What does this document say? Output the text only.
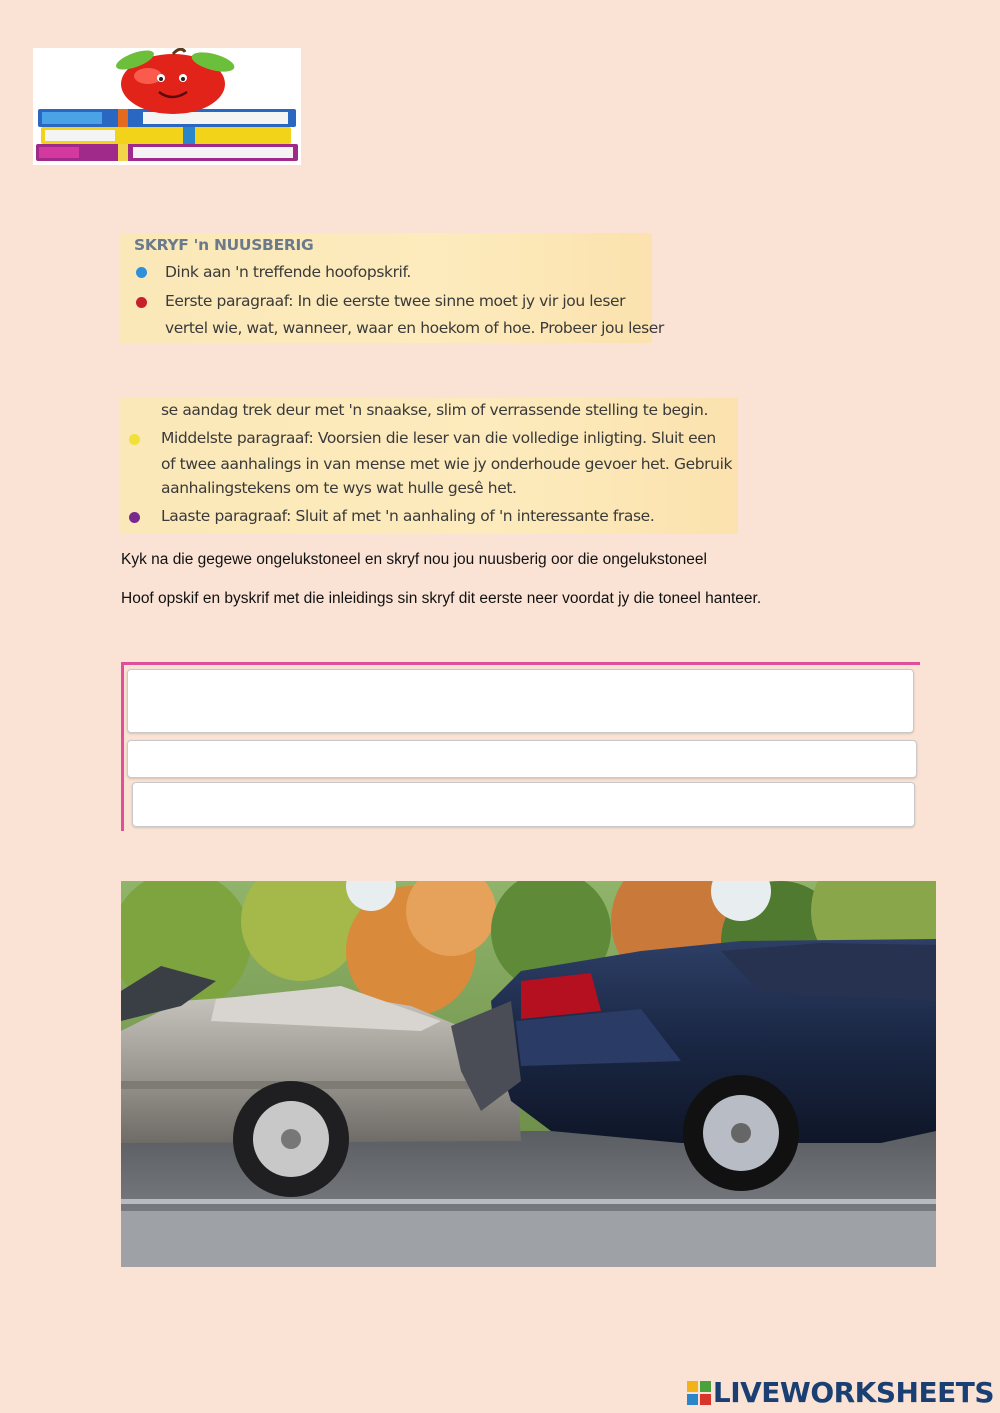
SKRYF 'n NUUSBERIG
Dink aan 'n treffende hoofopskrif.
Eerste paragraaf: In die eerste twee sinne moet jy vir jou leser
vertel wie, wat, wanneer, waar en hoekom of hoe. Probeer jou leser
se aandag trek deur met 'n snaakse, slim of verrassende stelling te begin.
Middelste paragraaf: Voorsien die leser van die volledige inligting. Sluit een
of twee aanhalings in van mense met wie jy onderhoude gevoer het. Gebruik
aanhalingstekens om te wys wat hulle gesê het.
Laaste paragraaf: Sluit af met 'n aanhaling of 'n interessante frase.
Kyk na die gegewe ongelukstoneel en skryf nou jou nuusberig oor die ongelukstoneel
Hoof opskif en byskrif met die inleidings sin skryf dit eerste neer voordat jy die toneel hanteer.
LIVEWORKSHEETS
